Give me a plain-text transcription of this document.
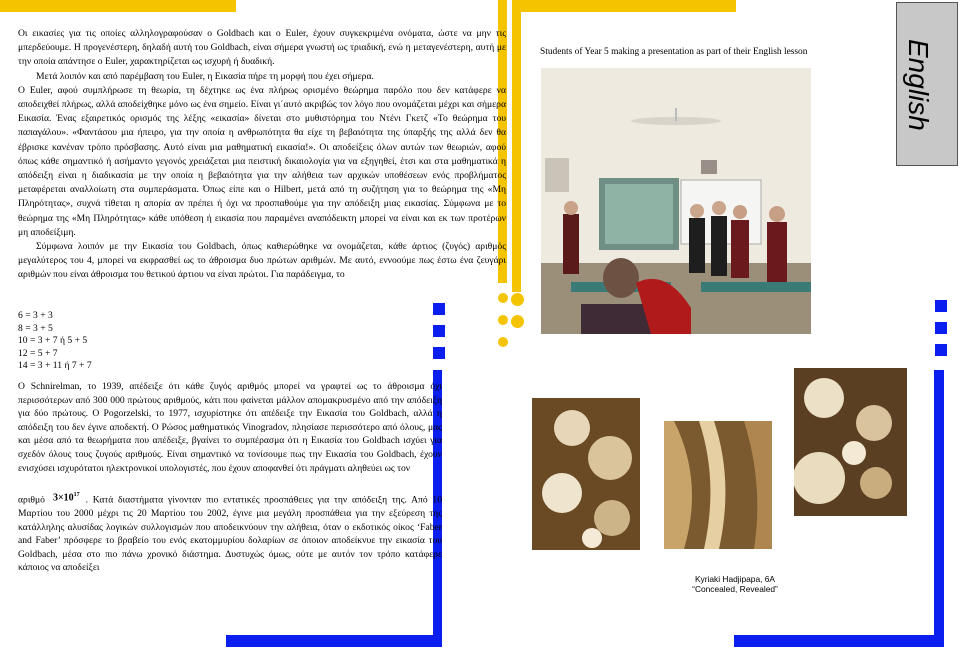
Οι εικασίες για τις οποίες αλληλογραφούσαν ο Goldbach και ο Euler, έχουν συγκεκριμένα ονόματα, ώστε να μην τις μπερδεύουμε. Η προγενέστερη, δηλαδή αυτή του Goldbach, είναι σήμερα γνωστή ως τριαδική, ενώ η μεταγενέστερη, αυτή με την οποία απάντησε ο Euler, χαρακτηρίζεται ως ισχυρή ή δυαδική.

Μετά λοιπόν και από παρέμβαση του Euler, η Εικασία πήρε τη μορφή που έχει σήμερα.

Ο Euler, αφού συμπλήρωσε τη θεωρία, τη δέχτηκε ως ένα πλήρως ορισμένο θεώρημα παρόλο που δεν κατάφερε να αποδειχθεί πλήρως, αλλά αποδείχθηκε μόνο ως ένα σημείο. Είναι γι΄αυτό ακριβώς τον λόγο που ονομάζεται μέχρι και σήμερα Εικασία. Ένας εξαιρετικός ορισμός της λέξης «εικασία» δίνεται στο μυθιστόρημα του Ντένι Γκετζ «Το θεώρημα του παπαγάλου». «Φαντάσου μια ήπειρο, για την οποία η ανθρωπότητα θα είχε τη βεβαιότητα της ύπαρξής της αλλά δεν θα έβρισκε κανέναν τρόπο πρόσβασης. Αυτό είναι μια μαθηματική εικασία!». Οι αποδείξεις όλων αυτών των θεωριών, αφού όπως κάθε σημαντικό ή ασήμαντο γεγονός χρειάζεται μια πειστική δικαιολογία για να εξηγηθεί, έτσι και στα μαθηματικά η απόδειξη είναι η διαδικασία με την οποία η βεβαιότητα για την αλήθεια των αρχικών υποθέσεων ενός προβλήματος μεταφέρεται αναλλοίωτη στα συμπεράσματα. Όπως είπε και ο Hilbert, μετά από τη συζήτηση για το θεώρημα της «Μη Πληρότητας», συχνά τίθεται η απορία αν πρέπει ή όχι να προσπαθούμε για την απόδειξη μιας εικασίας. Σύμφωνα με το θεώρημα της «Μη Πληρότητας» κάθε υπόθεση ή εικασία που παραμένει αναπόδεικτη μπορεί να είναι και εκ των προτέρων μη αποδείξιμη.

Σύμφωνα λοιπόν με την Εικασία του Goldbach, όπως καθιερώθηκε να ονομάζεται, κάθε άρτιος (ζυγός) αριθμός μεγαλύτερος του 4, μπορεί να εκφρασθεί ως το άθροισμα δυο πρώτων αριθμών. Με αυτό, εννοούμε πως έστω ένα ζευγάρι αριθμών που είναι άθροισμα του θετικού άρτιου να είναι πρώτοι. Για παράδειγμα, το

6 = 3 + 3
8 = 3 + 5
10 = 3 + 7 ή 5 + 5
12 = 5 + 7
14 = 3 + 11 ή 7 + 7

O Schnirelman, το 1939, απέδειξε ότι κάθε ζυγός αριθμός μπορεί να γραφτεί ως το άθροισμα όχι περισσότερων από 300 000 πρώτους αριθμούς, κάτι που φαίνεται μάλλον απομακρυσμένο από την απόδειξη για δύο πρώτους. O Pogorzelski, το 1977, ισχυρίστηκε ότι απέδειξε την Εικασία του Goldbach, αλλά η απόδειξη του δεν έγινε αποδεκτή. Ο Ρώσος μαθηματικός Vinogradov, πλησίασε περισσότερο από όλους, μας και μέσα από τα θεωρήματα που απέδειξε, βγαίνει το συμπέρασμα ότι η Εικασία του Goldbach ισχύει για σχεδόν όλους τους ζυγούς αριθμούς. Είναι σημαντικό να τονίσουμε πως την Εικασία του Goldbach, έχουν ενισχύσει ισχυρότατοι ηλεκτρονικοί υπολογιστές, που έχουν αποφανθεί ότι πράγματι αληθεύει ως τον

αριθμό $3\times 10^{17}$ . Κατά διαστήματα γίνονταν πιο εντατικές προσπάθειες για την απόδειξη της. Από 10 Μαρτίου του 2000 μέχρι τις 20 Μαρτίου του 2002, έγινε μια μεγάλη προσπάθεια για την εξεύρεση της κατάλληλης αλυσίδας λογικών συλλογισμών που αποδεικνύουν την αλήθεια, όταν ο εκδοτικός οίκος ‘Faber and Faber’ πρόσφερε το βραβείο του ενός εκατομμυρίου δολαρίων σε όποιον αποδείκνυε την εικασία του Goldbach, μέσα στο πιο πάνω χρονικό διάστημα. Δυστυχώς όμως, ούτε με αυτόν τον τρόπο κατάφερε κάποιος να αποδείξει

Students of Year 5 making a presentation as part of their English lesson	English
Kyriaki Hadjipapa, 6A
“Concealed, Revealed”
